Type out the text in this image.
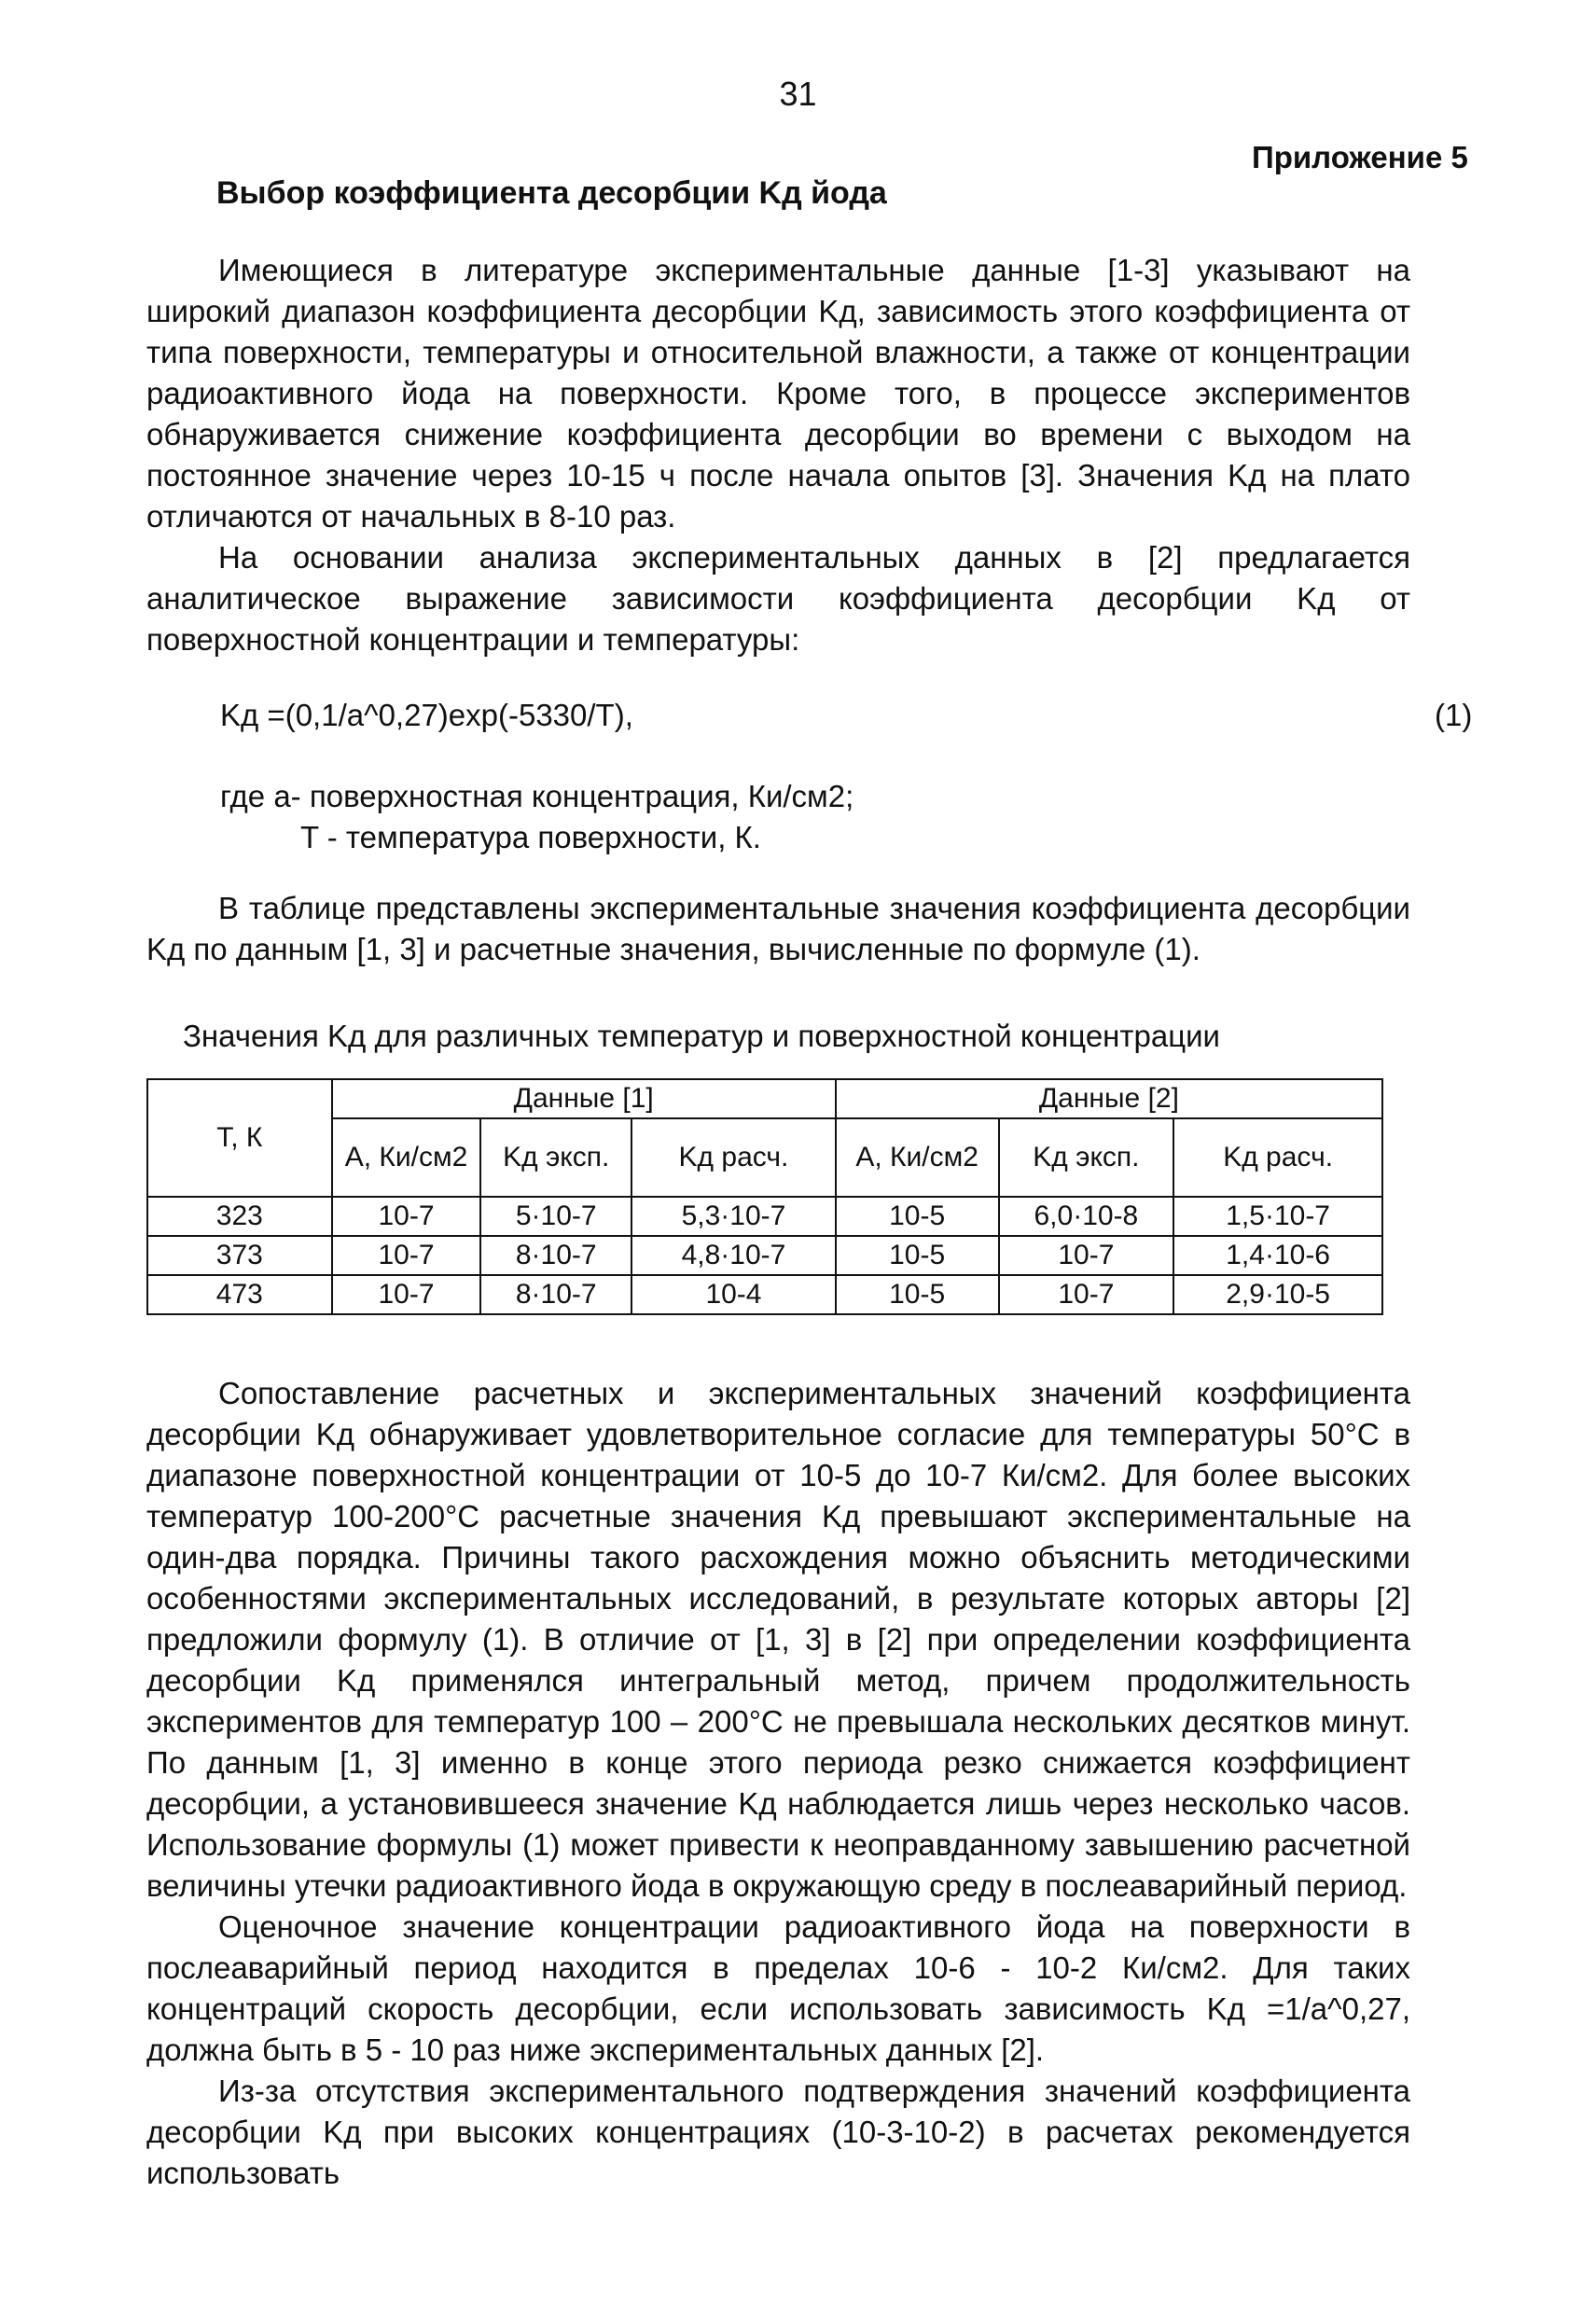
31
Приложение 5
Выбор коэффициента десорбции Kд йода
Имеющиеся в литературе экспериментальные данные [1-3] указывают на широкий диапазон коэффициента десорбции Kд, зависимость этого коэффициента от типа поверхности, температуры и относительной влажности, а также от концентрации радиоактивного йода на поверхности. Кроме того, в процессе экспериментов обнаруживается снижение коэффициента десорбции во времени с выходом на постоянное значение через 10-15 ч после начала опытов [3]. Значения Kд на плато отличаются от начальных в 8-10 раз.
На основании анализа экспериментальных данных в [2] предлагается аналитическое выражение зависимости коэффициента десорбции Kд от поверхностной концентрации и температуры:
Kд =(0,1/a^0,27)exp(-5330/T),	(1)
где a- поверхностная концентрация, Ки/см2;
T - температура поверхности, К.
В таблице представлены экспериментальные значения коэффициента десорбции Kд по данным [1, 3] и расчетные значения, вычисленные по формуле (1).
Значения Kд для различных температур и поверхностной концентрации
T, К	Данные [1]			Данные [2]		
	A, Ки/см2	Kд эксп.	Kд расч.	A, Ки/см2	Kд эксп.	Kд расч.
323	10-7	5·10-7	5,3·10-7	10-5	6,0·10-8	1,5·10-7
373	10-7	8·10-7	4,8·10-7	10-5	10-7	1,4·10-6
473	10-7	8·10-7	10-4	10-5	10-7	2,9·10-5
Сопоставление расчетных и экспериментальных значений коэффициента десорбции Kд обнаруживает удовлетворительное согласие для температуры 50°С в диапазоне поверхностной концентрации от 10-5 до 10-7 Ки/см2. Для более высоких температур 100-200°С расчетные значения Kд превышают экспериментальные на один-два порядка. Причины такого расхождения можно объяснить методическими особенностями экспериментальных исследований, в результате которых авторы [2] предложили формулу (1). В отличие от [1, 3] в [2] при определении коэффициента десорбции Kд применялся интегральный метод, причем продолжительность экспериментов для температур 100 – 200°С не превышала нескольких десятков минут. По данным [1, 3] именно в конце этого периода резко снижается коэффициент десорбции, а установившееся значение Kд наблюдается лишь через несколько часов. Использование формулы (1) может привести к неоправданному завышению расчетной величины утечки радиоактивного йода в окружающую среду в послеаварийный период.
Оценочное значение концентрации радиоактивного йода на поверхности в послеаварийный период находится в пределах 10-6 - 10-2 Ки/см2. Для таких концентраций скорость десорбции, если использовать зависимость Kд =1/a^0,27, должна быть в 5 - 10 раз ниже экспериментальных данных [2].
Из-за отсутствия экспериментального подтверждения значений коэффициента десорбции Kд при высоких концентрациях (10-3-10-2) в расчетах рекомендуется использовать
